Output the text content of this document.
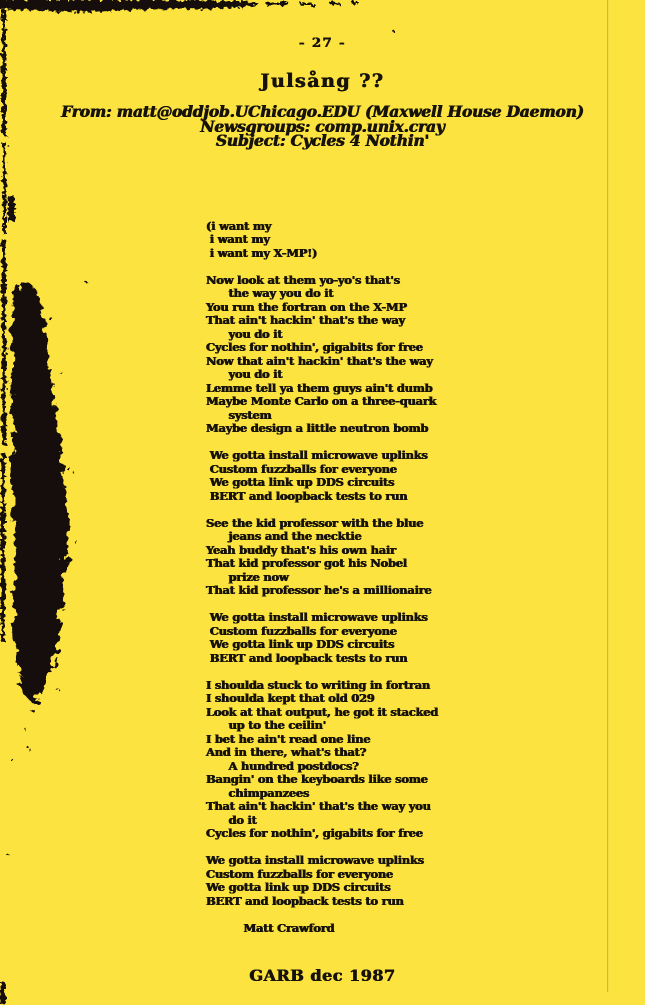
- 27 -
Julsång ??
From: matt@oddjob.UChicago.EDU (Maxwell House Daemon)
Newsgroups: comp.unix.cray
Subject: Cycles 4 Nothin'

(i want my
i want my
i want my X-MP!)
Now look at them yo-yo's that's
the way you do it
You run the fortran on the X-MP
That ain't hackin' that's the way
you do it
Cycles for nothin', gigabits for free
Now that ain't hackin' that's the way
you do it
Lemme tell ya them guys ain't dumb
Maybe Monte Carlo on a three-quark
system
Maybe design a little neutron bomb
We gotta install microwave uplinks
Custom fuzzballs for everyone
We gotta link up DDS circuits
BERT and loopback tests to run
See the kid professor with the blue
jeans and the necktie
Yeah buddy that's his own hair
That kid professor got his Nobel
prize now
That kid professor he's a millionaire
We gotta install microwave uplinks
Custom fuzzballs for everyone
We gotta link up DDS circuits
BERT and loopback tests to run
I shoulda stuck to writing in fortran
I shoulda kept that old 029
Look at that output, he got it stacked
up to the ceilin'
I bet he ain't read one line
And in there, what's that?
A hundred postdocs?
Bangin' on the keyboards like some
chimpanzees
That ain't hackin' that's the way you
do it
Cycles for nothin', gigabits for free
We gotta install microwave uplinks
Custom fuzzballs for everyone
We gotta link up DDS circuits
BERT and loopback tests to run
Matt Crawford

GARB dec 1987
